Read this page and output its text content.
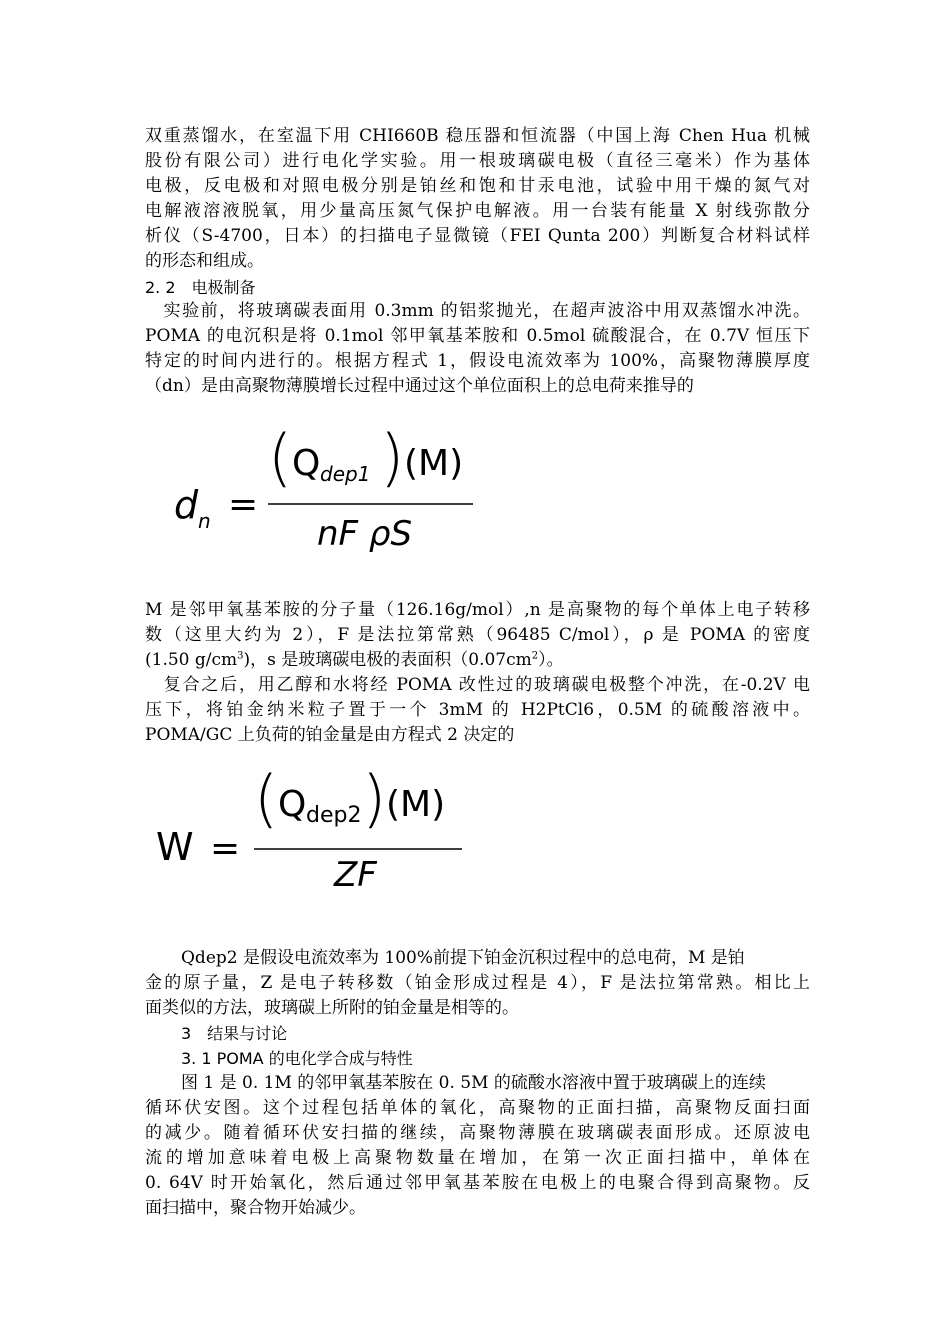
双重蒸馏水，在室温下用 CHI660B 稳压器和恒流器（中国上海 Chen Hua 机械
股份有限公司）进行电化学实验。用一根玻璃碳电极（直径三毫米）作为基体
电极，反电极和对照电极分别是铂丝和饱和甘汞电池，试验中用干燥的氮气对
电解液溶液脱氧，用少量高压氮气保护电解液。用一台装有能量 X 射线弥散分
析仪（S-4700，日本）的扫描电子显微镜（FEI Qunta 200）判断复合材料试样
的形态和组成。
2. 2　电极制备
　实验前，将玻璃碳表面用 0.3mm 的铝浆抛光，在超声波浴中用双蒸馏水冲洗。
POMA 的电沉积是将 0.1mol 邻甲氧基苯胺和 0.5mol 硫酸混合，在 0.7V 恒压下
特定的时间内进行的。根据方程式 1，假设电流效率为 100%，高聚物薄膜厚度
（dn）是由高聚物薄膜增长过程中通过这个单位面积上的总电荷来推导的
d n =
( Q dep1 ) (M)
nF ρS
M 是邻甲氧基苯胺的分子量（126.16g/mol）,n 是高聚物的每个单体上电子转移
数（这里大约为 2），F 是法拉第常熟（96485 C/mol），ρ 是 POMA 的密度
(1.50 $g/cm^3$)，s 是玻璃碳电极的表面积$(0.07cm^2)$。
　复合之后，用乙醇和水将经 POMA 改性过的玻璃碳电极整个冲洗，在-0.2V 电
压下，将铂金纳米粒子置于一个 3mM 的 H2PtCl6，0.5M 的硫酸溶液中。
POMA/GC 上负荷的铂金量是由方程式 2 决定的
W =
( Q dep2 ) (M)
ZF
Qdep2 是假设电流效率为 100%前提下铂金沉积过程中的总电荷，M 是铂
金的原子量，Z 是电子转移数（铂金形成过程是 4），F 是法拉第常熟。相比上
面类似的方法，玻璃碳上所附的铂金量是相等的。
3　结果与讨论
3. 1 POMA 的电化学合成与特性
图 1 是 0. 1M 的邻甲氧基苯胺在 0. 5M 的硫酸水溶液中置于玻璃碳上的连续
循环伏安图。这个过程包括单体的氧化，高聚物的正面扫描，高聚物反面扫面
的减少。随着循环伏安扫描的继续，高聚物薄膜在玻璃碳表面形成。还原波电
流的增加意味着电极上高聚物数量在增加，在第一次正面扫描中，单体在
0. 64V 时开始氧化，然后通过邻甲氧基苯胺在电极上的电聚合得到高聚物。反
面扫描中，聚合物开始减少。
